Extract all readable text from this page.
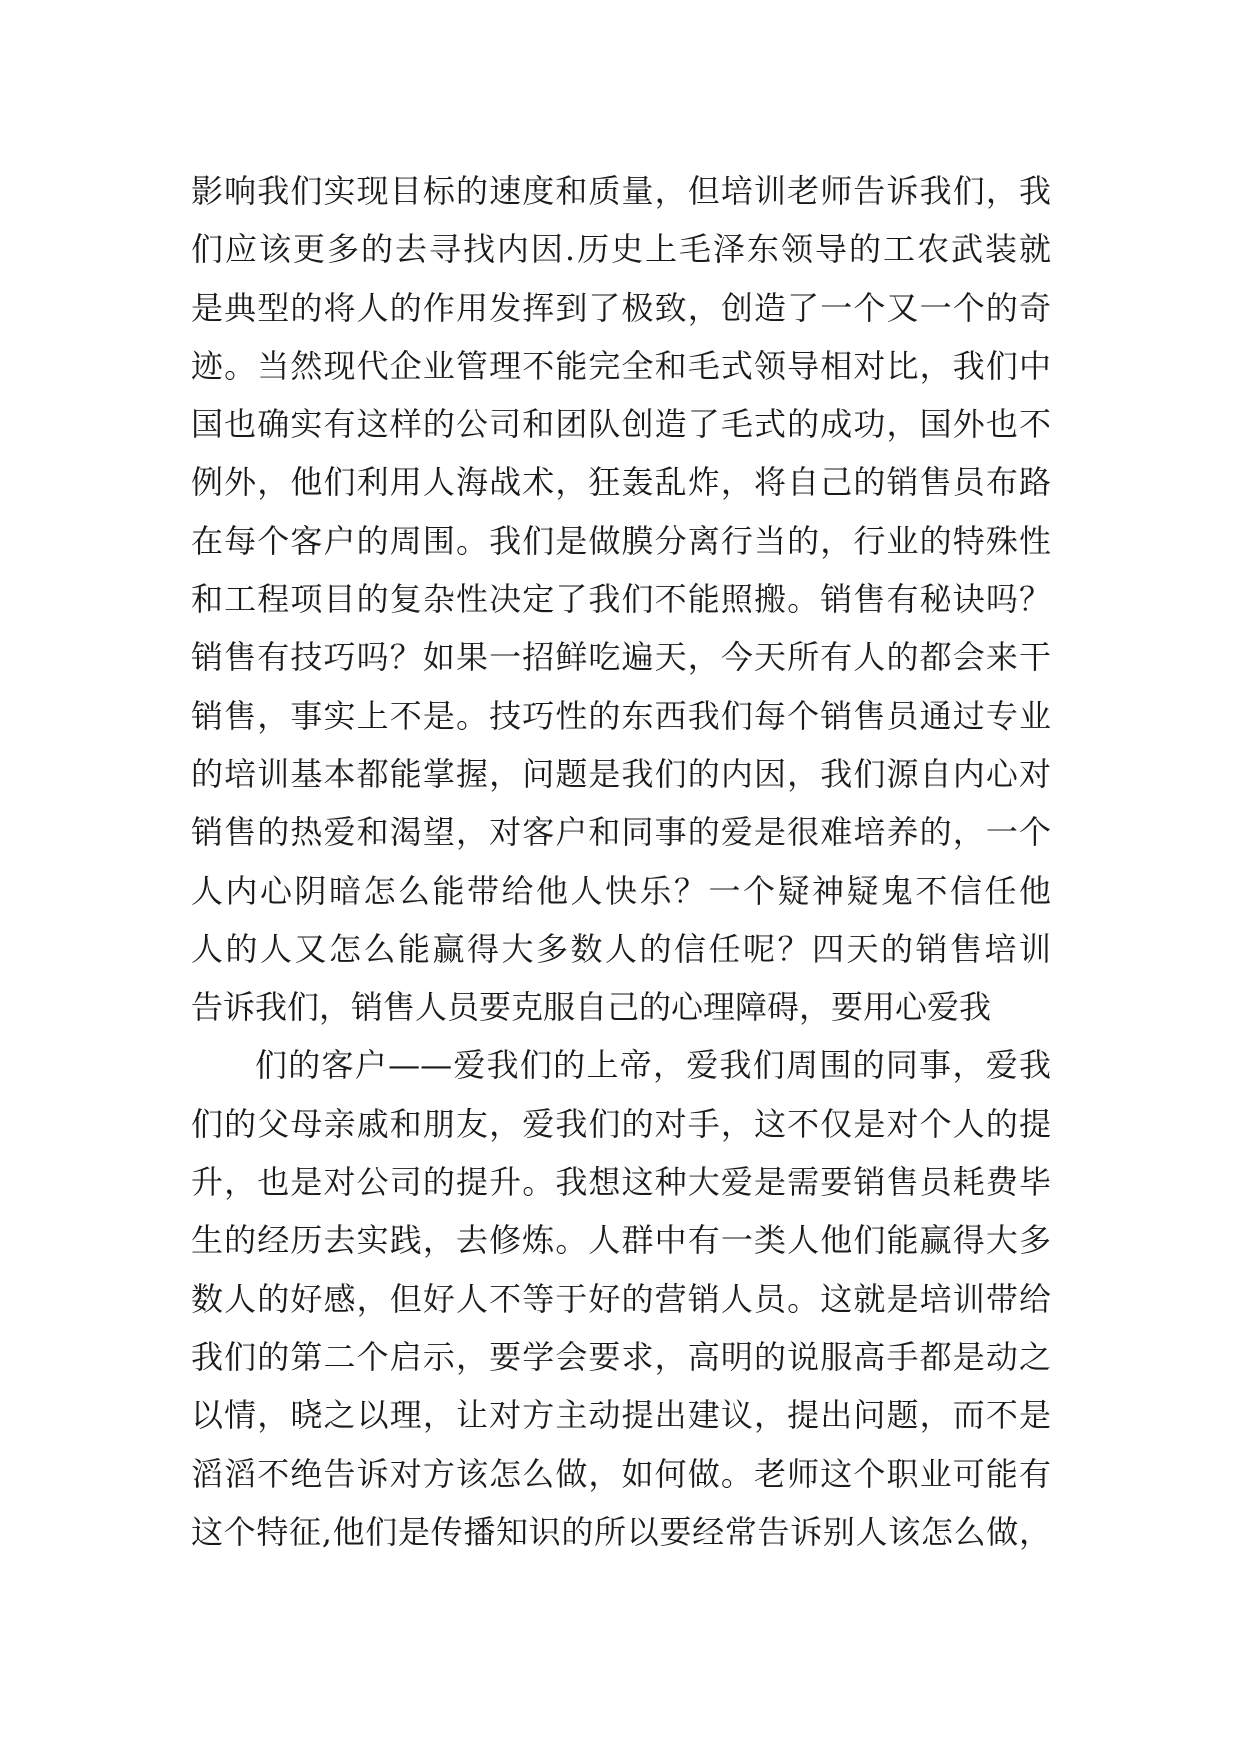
影响我们实现目标的速度和质量，但培训老师告诉我们，我
们应该更多的去寻找内因.历史上毛泽东领导的工农武装就
是典型的将人的作用发挥到了极致，创造了一个又一个的奇
迹。当然现代企业管理不能完全和毛式领导相对比，我们中
国也确实有这样的公司和团队创造了毛式的成功，国外也不
例外，他们利用人海战术，狂轰乱炸，将自己的销售员布路
在每个客户的周围。我们是做膜分离行当的，行业的特殊性
和工程项目的复杂性决定了我们不能照搬。销售有秘诀吗？
销售有技巧吗？如果一招鲜吃遍天，今天所有人的都会来干
销售，事实上不是。技巧性的东西我们每个销售员通过专业
的培训基本都能掌握，问题是我们的内因，我们源自内心对
销售的热爱和渴望，对客户和同事的爱是很难培养的，一个
人内心阴暗怎么能带给他人快乐？一个疑神疑鬼不信任他
人的人又怎么能赢得大多数人的信任呢？四天的销售培训
告诉我们，销售人员要克服自己的心理障碍，要用心爱我
们的客户——爱我们的上帝，爱我们周围的同事，爱我
们的父母亲戚和朋友，爱我们的对手，这不仅是对个人的提
升，也是对公司的提升。我想这种大爱是需要销售员耗费毕
生的经历去实践，去修炼。人群中有一类人他们能赢得大多
数人的好感，但好人不等于好的营销人员。这就是培训带给
我们的第二个启示，要学会要求，高明的说服高手都是动之
以情，晓之以理，让对方主动提出建议，提出问题，而不是
滔滔不绝告诉对方该怎么做，如何做。老师这个职业可能有
这个特征,他们是传播知识的所以要经常告诉别人该怎么做，
